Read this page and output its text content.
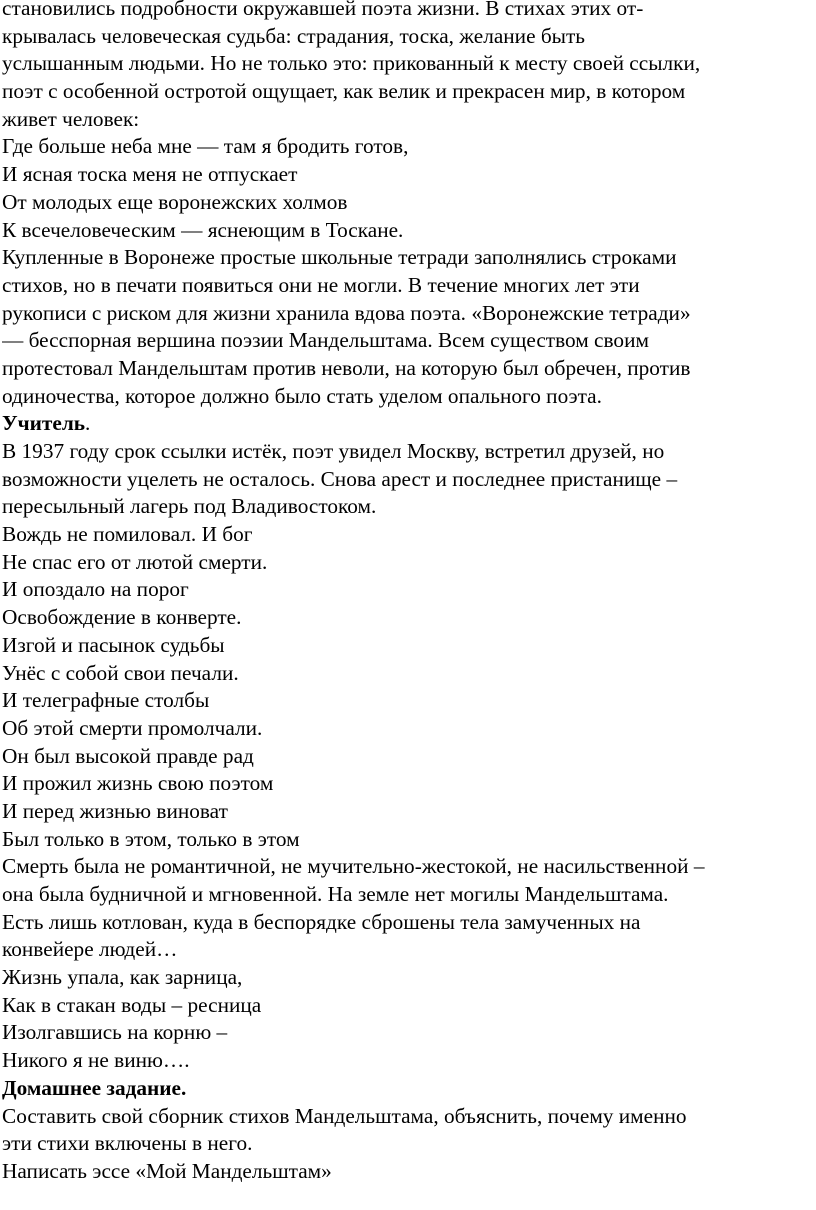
становились подробности окружавшей поэта жизни. В стихах этих от-
крывалась человеческая судьба: страдания, тоска, желание быть
услышанным людьми. Но не только это: прикованный к месту своей ссылки,
поэт с особенной остротой ощущает, как велик и прекрасен мир, в котором
живет человек:
Где больше неба мне — там я бродить готов,
И ясная тоска меня не отпускает
От молодых еще воронежских холмов
К всечеловеческим — яснеющим в Тоскане.
Купленные в Воронеже простые школьные тетради заполнялись строками
стихов, но в печати появиться они не могли. В течение многих лет эти
рукописи с риском для жизни хранила вдова поэта. «Воронежские тетради»
— бесспорная вершина поэзии Мандельштама. Всем существом своим
протестовал Мандельштам против неволи, на которую был обречен, против
одиночества, которое должно было стать уделом опального поэта.
Учитель.
В 1937 году срок ссылки истёк, поэт увидел Москву, встретил друзей, но
возможности уцелеть не осталось. Снова арест и последнее пристанище –
пересыльный лагерь под Владивостоком.
Вождь не помиловал. И бог
Не спас его от лютой смерти.
И опоздало на порог
Освобождение в конверте.
Изгой и пасынок судьбы
Унёс с собой свои печали.
И телеграфные столбы
Об этой смерти промолчали.
Он был высокой правде рад
И прожил жизнь свою поэтом
И перед жизнью виноват
Был только в этом, только в этом
Смерть была не романтичной, не мучительно-жестокой, не насильственной –
она была будничной и мгновенной. На земле нет могилы Мандельштама.
Есть лишь котлован, куда в беспорядке сброшены тела замученных на
конвейере людей…
Жизнь упала, как зарница,
Как в стакан воды – ресница
Изолгавшись на корню –
Никого я не виню….
Домашнее задание.
Составить свой сборник стихов Мандельштама, объяснить, почему именно
эти стихи включены в него.
Написать эссе «Мой Мандельштам»
